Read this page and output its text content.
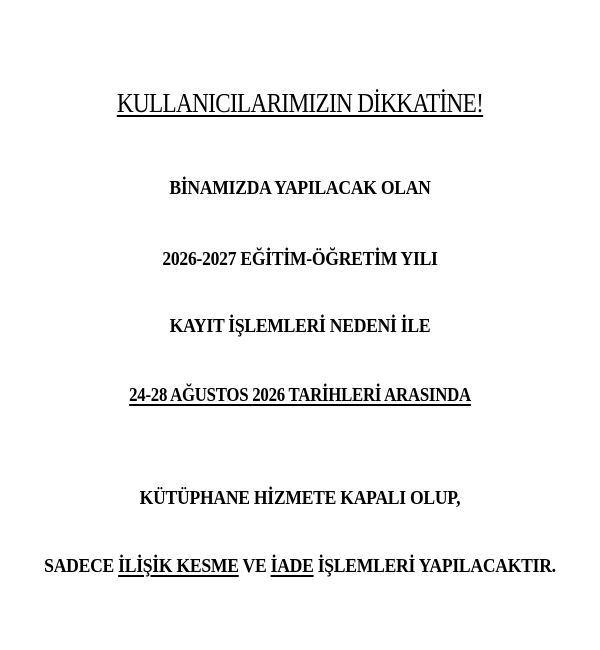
KULLANICILARIMIZIN DİKKATİNE!
BİNAMIZDA YAPILACAK OLAN
2026-2027 EĞİTİM-ÖĞRETİM YILI
KAYIT İŞLEMLERİ NEDENİ İLE
24-28 AĞUSTOS 2026 TARİHLERİ ARASINDA
KÜTÜPHANE HİZMETE KAPALI OLUP,
SADECE İLİŞİK KESME VE İADE İŞLEMLERİ YAPILACAKTIR.
